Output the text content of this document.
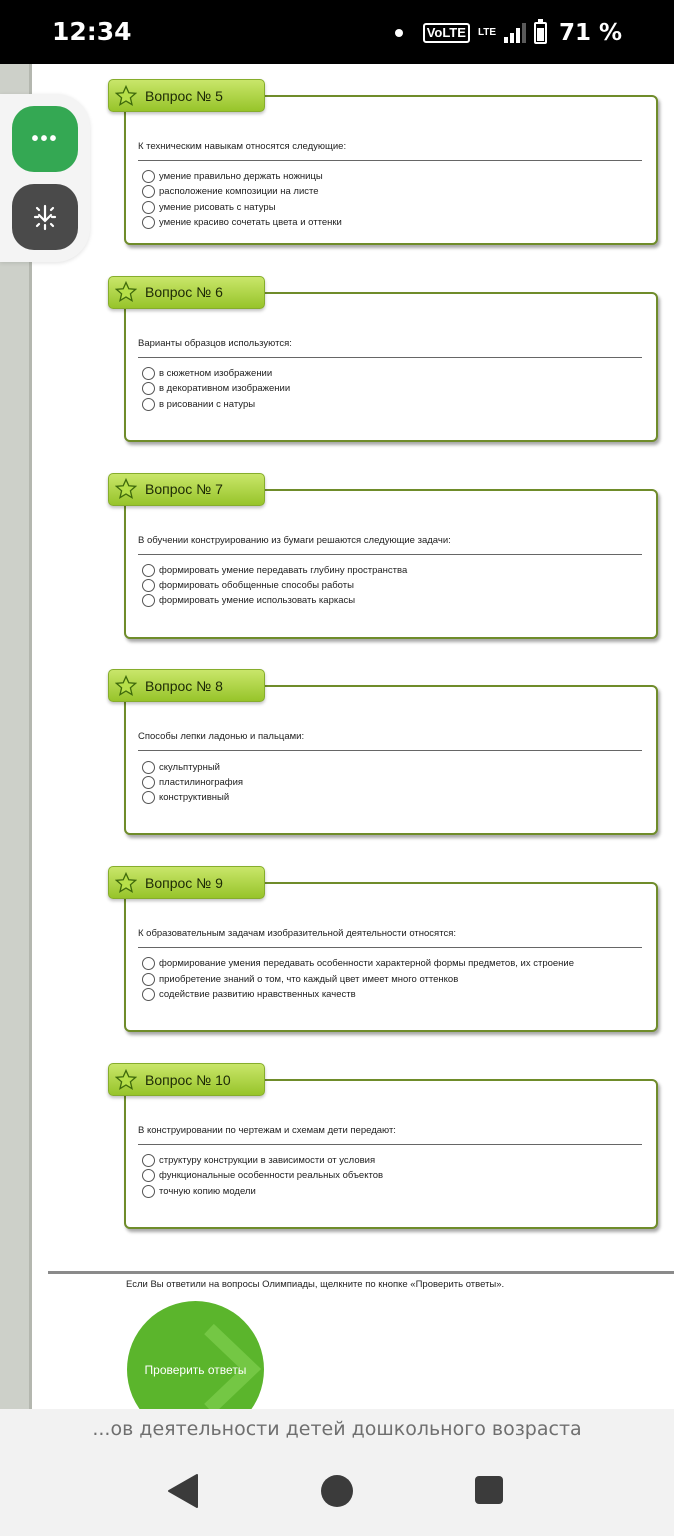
12:34	VoLTE	LTE	71 %
•••
Вопрос № 5
К техническим навыкам относятся следующие:
умение правильно держать ножницы
расположение композиции на листе
умение рисовать с натуры
умение красиво сочетать цвета и оттенки
Вопрос № 6
Варианты образцов используются:
в сюжетном изображении
в декоративном изображении
в рисовании с натуры
Вопрос № 7
В обучении конструированию из бумаги решаются следующие задачи:
формировать умение передавать глубину пространства
формировать обобщенные способы работы
формировать умение использовать каркасы
Вопрос № 8
Способы лепки ладонью и пальцами:
скульптурный
пластилинография
конструктивный
Вопрос № 9
К образовательным задачам изобразительной деятельности относятся:
формирование умения передавать особенности характерной формы предметов, их строение
приобретение знаний о том, что каждый цвет имеет много оттенков
содействие развитию нравственных качеств
Вопрос № 10
В конструировании по чертежам и схемам дети передают:
структуру конструкции в зависимости от условия
функциональные особенности реальных объектов
точную копию модели
Если Вы ответили на вопросы Олимпиады, щелкните по кнопке «Проверить ответы».
Проверить ответы
...ов деятельности детей дошкольного возраста
